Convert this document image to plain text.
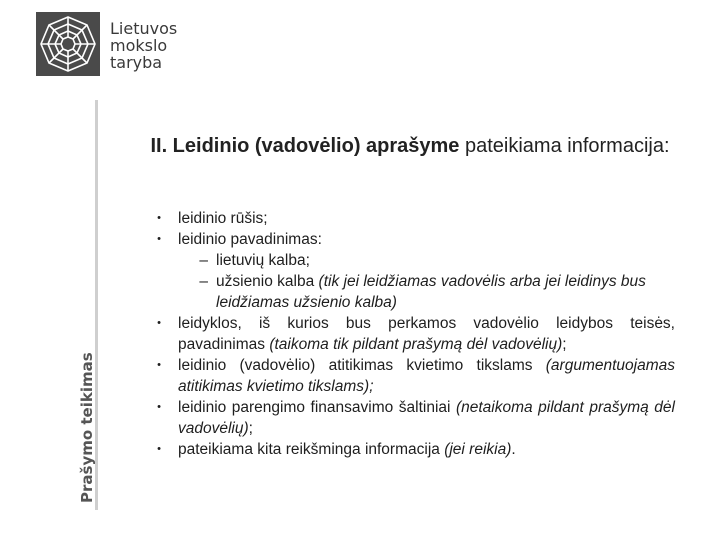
Lietuvos
mokslo
taryba
Prašymo teikimas
II. Leidinio (vadovėlio) aprašyme pateikiama informacija:
•	leidinio rūšis;
•	leidinio pavadinimas:
– lietuvių kalba;
– užsienio kalba (tik jei leidžiamas vadovėlis arba jei leidinys bus leidžiamas užsienio kalba)
•	leidyklos, iš kurios bus perkamos vadovėlio leidybos teisės, pavadinimas (taikoma tik pildant prašymą dėl vadovėlių);
•	leidinio (vadovėlio) atitikimas kvietimo tikslams (argumentuojamas atitikimas kvietimo tikslams);
•	leidinio parengimo finansavimo šaltiniai (netaikoma pildant prašymą dėl vadovėlių);
•	pateikiama kita reikšminga informacija (jei reikia).
